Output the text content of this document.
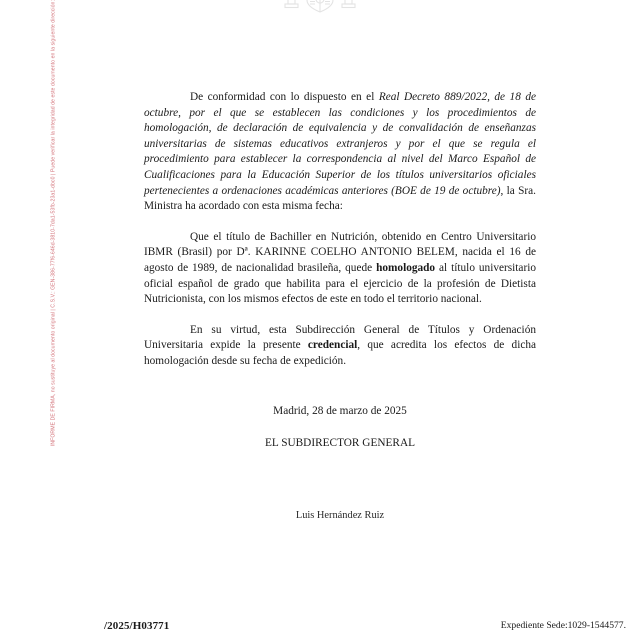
INFORME DE FIRMA, no sustituye al documento original | C.S.V.: GEN-386-77f6-646d-3810-7da1-53fb-23a1-dbc0 | Puede verificar la integridad de este documento en la siguiente dirección:	De conformidad con lo dispuesto en el Real Decreto 889/2022, de 18 de octubre, por el que se establecen las condiciones y los procedimientos de homologación, de declaración de equivalencia y de convalidación de enseñanzas universitarias de sistemas educativos extranjeros y por el que se regula el procedimiento para establecer la correspondencia al nivel del Marco Español de Cualificaciones para la Educación Superior de los títulos universitarios oficiales pertenecientes a ordenaciones académicas anteriores (BOE de 19 de octubre), la Sra. Ministra ha acordado con esta misma fecha:

Que el título de Bachiller en Nutrición, obtenido en Centro Universitario IBMR (Brasil) por Dª. KARINNE COELHO ANTONIO BELEM, nacida el 16 de agosto de 1989, de nacionalidad brasileña, quede homologado al título universitario oficial español de grado que habilita para el ejercicio de la profesión de Dietista Nutricionista, con los mismos efectos de este en todo el territorio nacional.

En su virtud, esta Subdirección General de Títulos y Ordenación Universitaria expide la presente credencial, que acredita los efectos de dicha homologación desde su fecha de expedición.

Madrid, 28 de marzo de 2025

EL SUBDIRECTOR GENERAL

Luis Hernández Ruiz

/2025/H03771	Expediente Sede:1029-1544577.
